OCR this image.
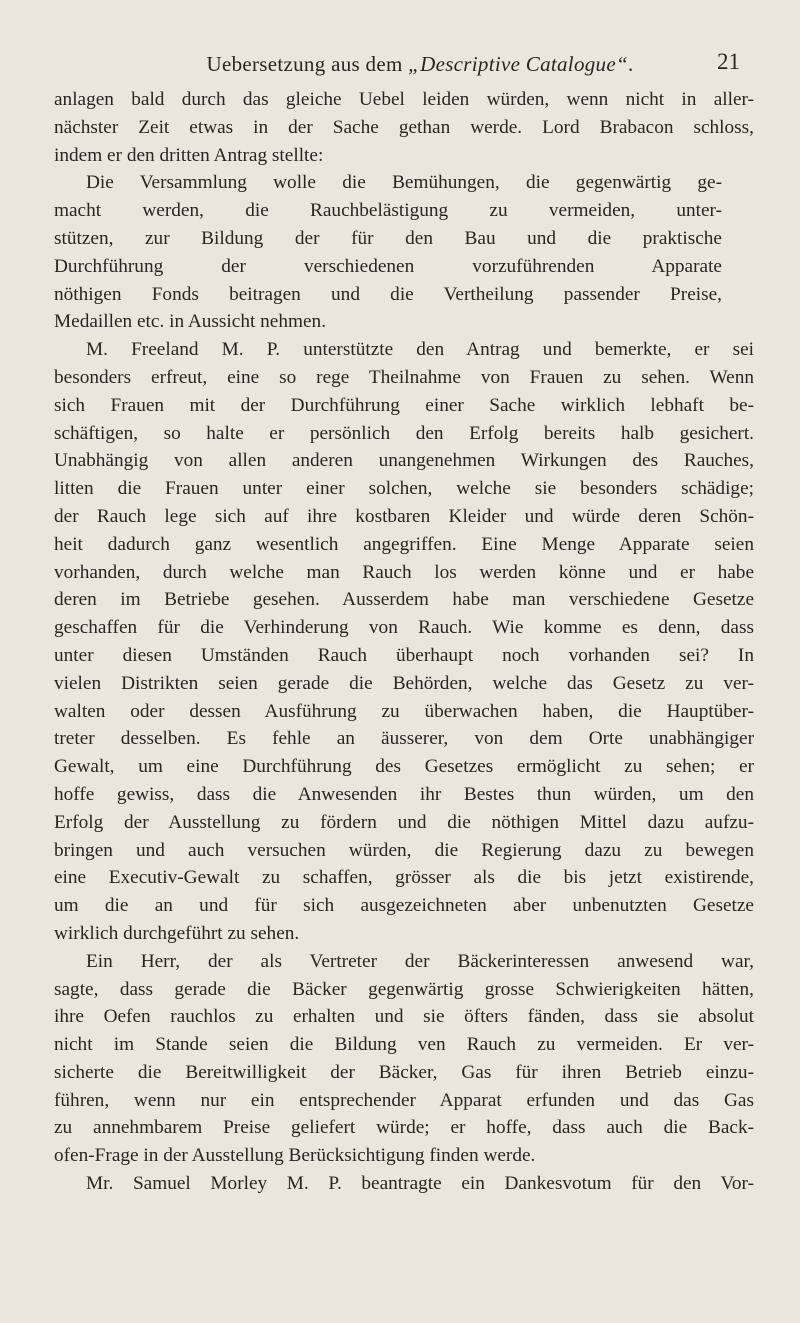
Uebersetzung aus dem „Descriptive Catalogue“.	21
anlagen bald durch das gleiche Uebel leiden würden, wenn nicht in aller-
nächster Zeit etwas in der Sache gethan werde. Lord Brabacon schloss,
indem er den dritten Antrag stellte:
Die Versammlung wolle die Bemühungen, die gegenwärtig ge-
macht werden, die Rauchbelästigung zu vermeiden, unter-
stützen, zur Bildung der für den Bau und die praktische
Durchführung der verschiedenen vorzuführenden Apparate
nöthigen Fonds beitragen und die Vertheilung passender Preise,
Medaillen etc. in Aussicht nehmen.
M. Freeland M. P. unterstützte den Antrag und bemerkte, er sei
besonders erfreut, eine so rege Theilnahme von Frauen zu sehen. Wenn
sich Frauen mit der Durchführung einer Sache wirklich lebhaft be-
schäftigen, so halte er persönlich den Erfolg bereits halb gesichert.
Unabhängig von allen anderen unangenehmen Wirkungen des Rauches,
litten die Frauen unter einer solchen, welche sie besonders schädige;
der Rauch lege sich auf ihre kostbaren Kleider und würde deren Schön-
heit dadurch ganz wesentlich angegriffen. Eine Menge Apparate seien
vorhanden, durch welche man Rauch los werden könne und er habe
deren im Betriebe gesehen. Ausserdem habe man verschiedene Gesetze
geschaffen für die Verhinderung von Rauch. Wie komme es denn, dass
unter diesen Umständen Rauch überhaupt noch vorhanden sei? In
vielen Distrikten seien gerade die Behörden, welche das Gesetz zu ver-
walten oder dessen Ausführung zu überwachen haben, die Hauptüber-
treter desselben. Es fehle an äusserer, von dem Orte unabhängiger
Gewalt, um eine Durchführung des Gesetzes ermöglicht zu sehen; er
hoffe gewiss, dass die Anwesenden ihr Bestes thun würden, um den
Erfolg der Ausstellung zu fördern und die nöthigen Mittel dazu aufzu-
bringen und auch versuchen würden, die Regierung dazu zu bewegen
eine Executiv-Gewalt zu schaffen, grösser als die bis jetzt existirende,
um die an und für sich ausgezeichneten aber unbenutzten Gesetze
wirklich durchgeführt zu sehen.
Ein Herr, der als Vertreter der Bäckerinteressen anwesend war,
sagte, dass gerade die Bäcker gegenwärtig grosse Schwierigkeiten hätten,
ihre Oefen rauchlos zu erhalten und sie öfters fänden, dass sie absolut
nicht im Stande seien die Bildung ven Rauch zu vermeiden. Er ver-
sicherte die Bereitwilligkeit der Bäcker, Gas für ihren Betrieb einzu-
führen, wenn nur ein entsprechender Apparat erfunden und das Gas
zu annehmbarem Preise geliefert würde; er hoffe, dass auch die Back-
ofen-Frage in der Ausstellung Berücksichtigung finden werde.
Mr. Samuel Morley M. P. beantragte ein Dankesvotum für den Vor-
